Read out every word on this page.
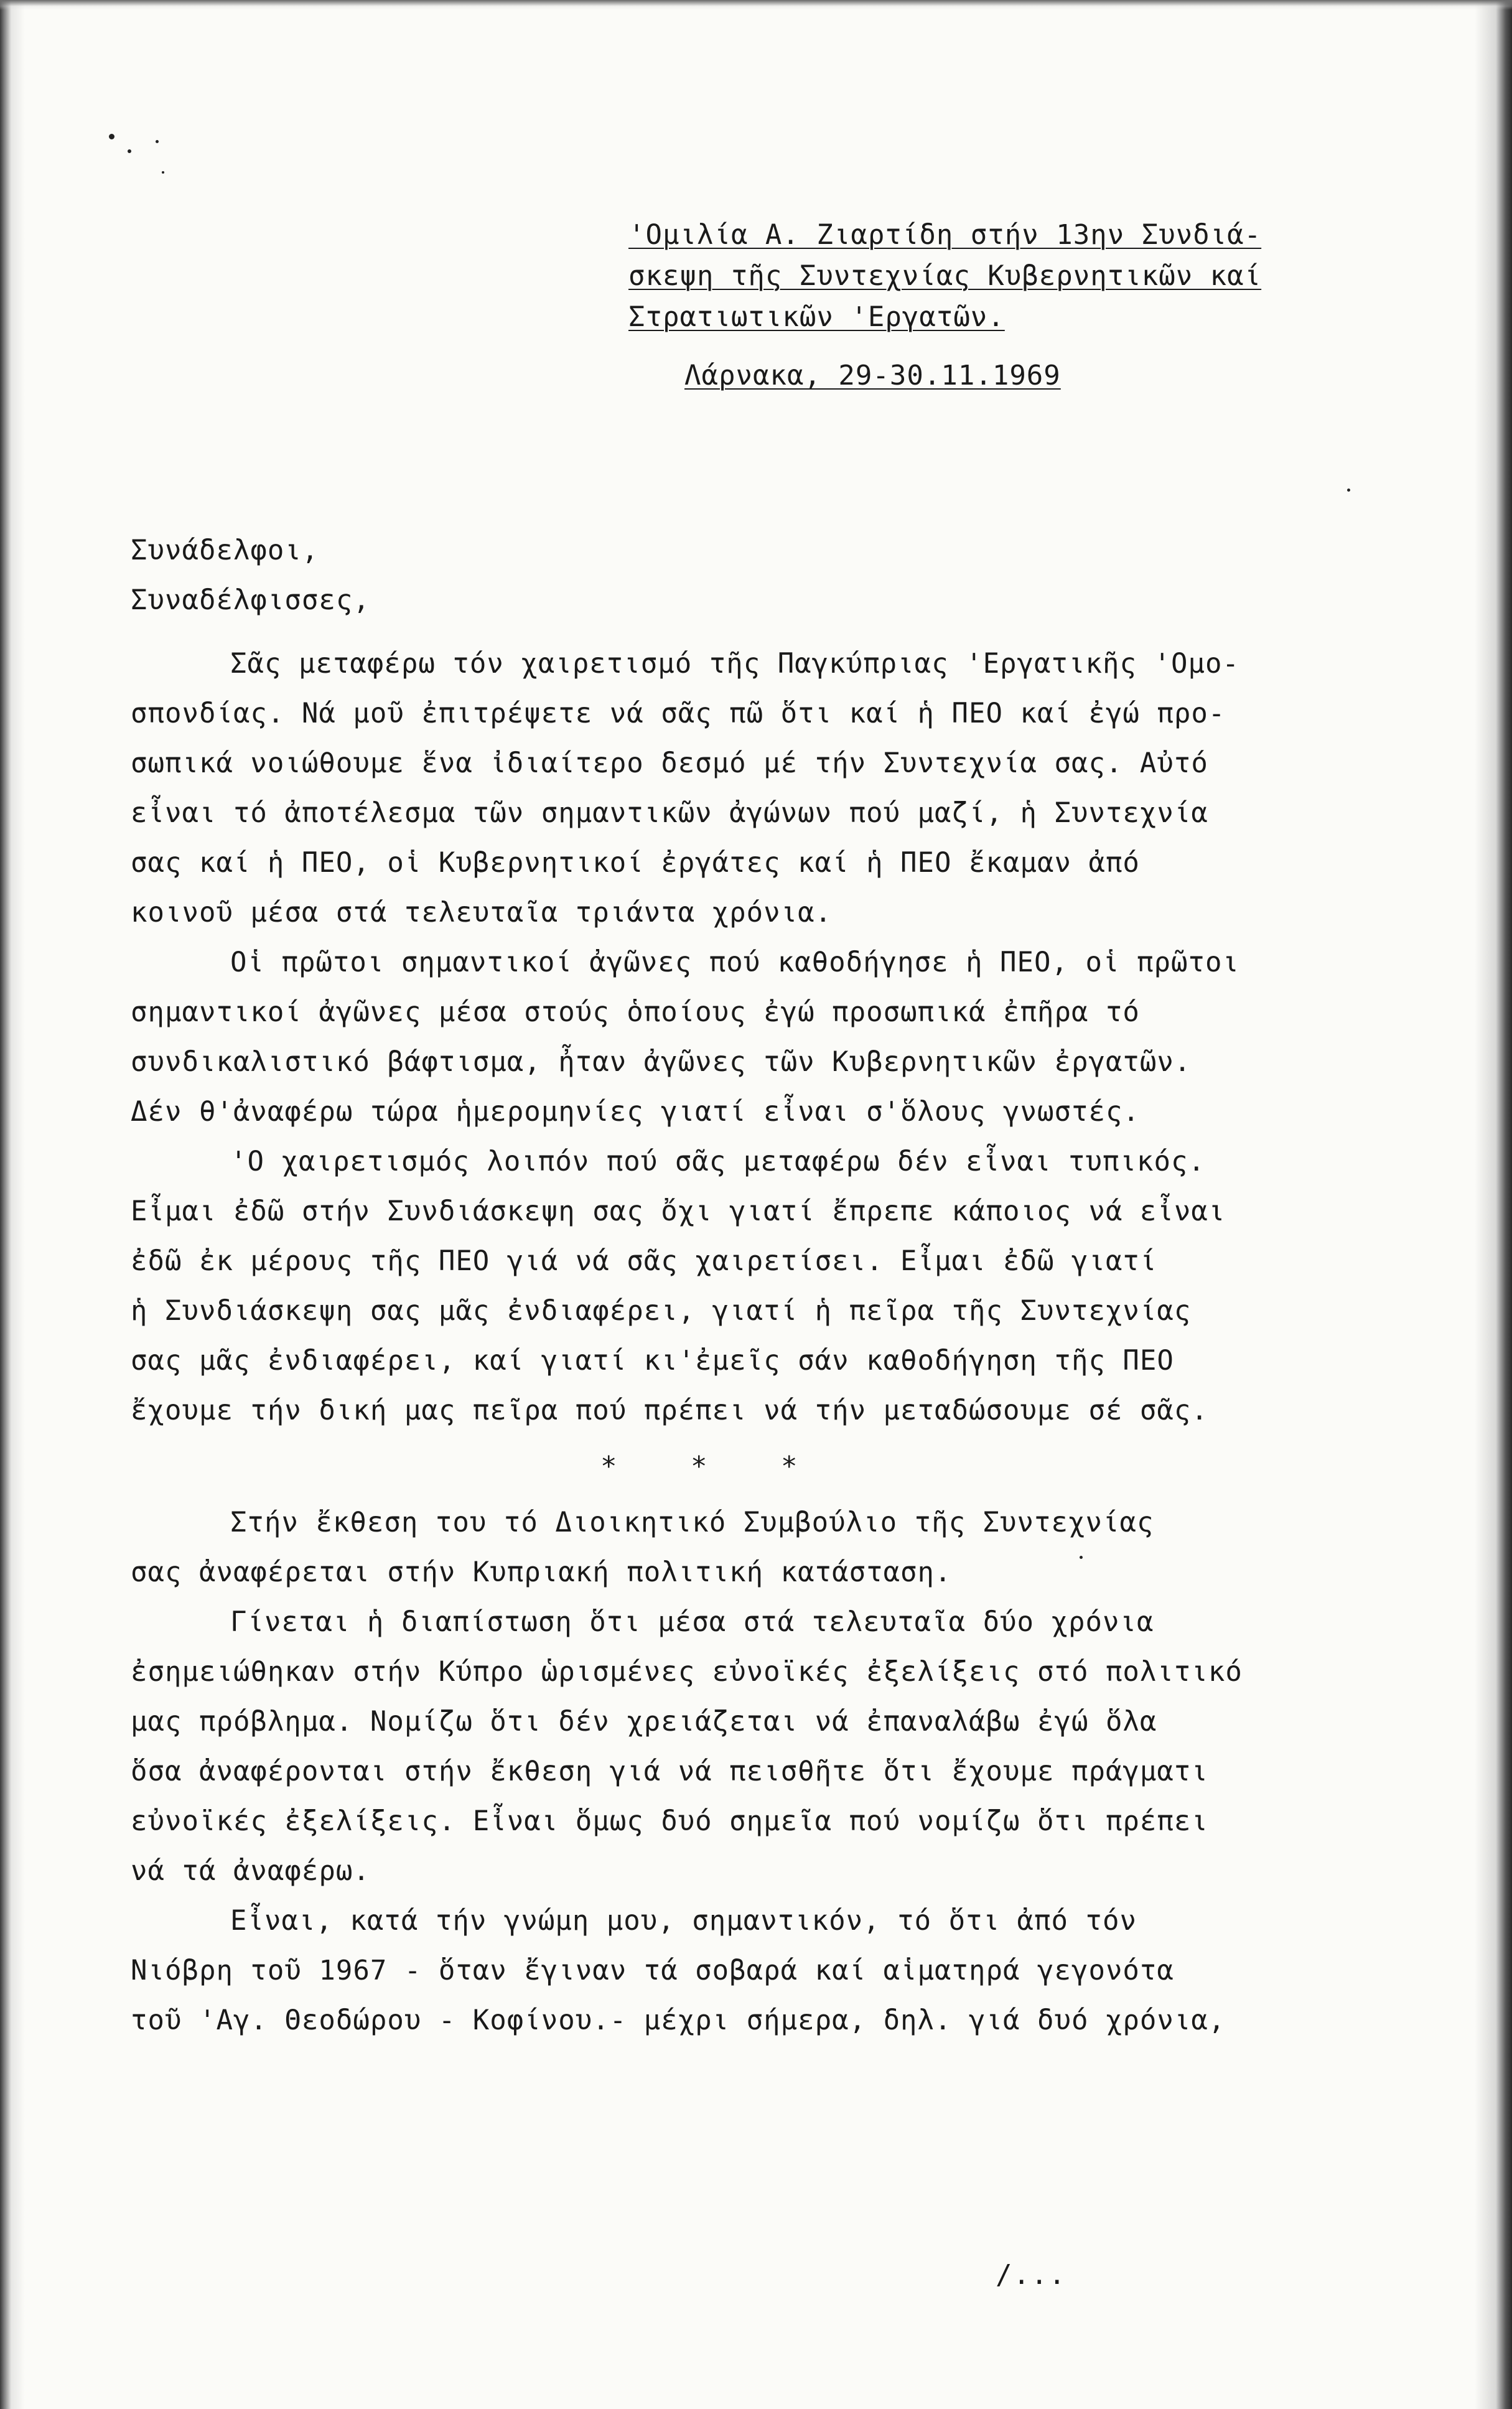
'Ομιλία Α. Ζιαρτίδη στήν 13ην Συνδιά-
σκεψη τῆς Συντεχνίας Κυβερνητικῶν καί
Στρατιωτικῶν 'Εργατῶν.
Λάρνακα, 29-30.11.1969
Συνάδελφοι,
Συναδέλφισσες,
Σᾶς μεταφέρω τόν χαιρετισμό τῆς Παγκύπριας 'Εργατικῆς 'Ομο-
σπονδίας. Νά μοῦ ἐπιτρέψετε νά σᾶς πῶ ὅτι καί ἡ ΠΕΟ καί ἐγώ προ-
σωπικά νοιώθουμε ἕνα ἰδιαίτερο δεσμό μέ τήν Συντεχνία σας. Αὐτό
εἶναι τό ἀποτέλεσμα τῶν σημαντικῶν ἀγώνων πού μαζί, ἡ Συντεχνία
σας καί ἡ ΠΕΟ, οἱ Κυβερνητικοί ἐργάτες καί ἡ ΠΕΟ ἔκαμαν ἀπό
κοινοῦ μέσα στά τελευταῖα τριάντα χρόνια.
Οἱ πρῶτοι σημαντικοί ἀγῶνες πού καθοδήγησε ἡ ΠΕΟ, οἱ πρῶτοι
σημαντικοί ἀγῶνες μέσα στούς ὁποίους ἐγώ προσωπικά ἐπῆρα τό
συνδικαλιστικό βάφτισμα, ἦταν ἀγῶνες τῶν Κυβερνητικῶν ἐργατῶν.
Δέν θ'ἀναφέρω τώρα ἡμερομηνίες γιατί εἶναι σ'ὅλους γνωστές.
'Ο χαιρετισμός λοιπόν πού σᾶς μεταφέρω δέν εἶναι τυπικός.
Εἶμαι ἐδῶ στήν Συνδιάσκεψη σας ὄχι γιατί ἔπρεπε κάποιος νά εἶναι
ἐδῶ ἐκ μέρους τῆς ΠΕΟ γιά νά σᾶς χαιρετίσει. Εἶμαι ἐδῶ γιατί
ἡ Συνδιάσκεψη σας μᾶς ἐνδιαφέρει, γιατί ἡ πεῖρα τῆς Συντεχνίας
σας μᾶς ἐνδιαφέρει, καί γιατί κι'ἐμεῖς σάν καθοδήγηση τῆς ΠΕΟ
ἔχουμε τήν δική μας πεῖρα πού πρέπει νά τήν μεταδώσουμε σέ σᾶς.
* * *
Στήν ἔκθεση του τό Διοικητικό Συμβούλιο τῆς Συντεχνίας
σας ἀναφέρεται στήν Κυπριακή πολιτική κατάσταση.
Γίνεται ἡ διαπίστωση ὅτι μέσα στά τελευταῖα δύο χρόνια
ἐσημειώθηκαν στήν Κύπρο ὡρισμένες εὐνοϊκές ἐξελίξεις στό πολιτικό
μας πρόβλημα. Νομίζω ὅτι δέν χρειάζεται νά ἐπαναλάβω ἐγώ ὅλα
ὅσα ἀναφέρονται στήν ἔκθεση γιά νά πεισθῆτε ὅτι ἔχουμε πράγματι
εὐνοϊκές ἐξελίξεις. Εἶναι ὅμως δυό σημεῖα πού νομίζω ὅτι πρέπει
νά τά ἀναφέρω.
Εἶναι, κατά τήν γνώμη μου, σημαντικόν, τό ὅτι ἀπό τόν
Νιόβρη τοῦ 1967 - ὅταν ἔγιναν τά σοβαρά καί αἱματηρά γεγονότα
τοῦ 'Αγ. Θεοδώρου - Κοφίνου.- μέχρι σήμερα, δηλ. γιά δυό χρόνια,
/...
